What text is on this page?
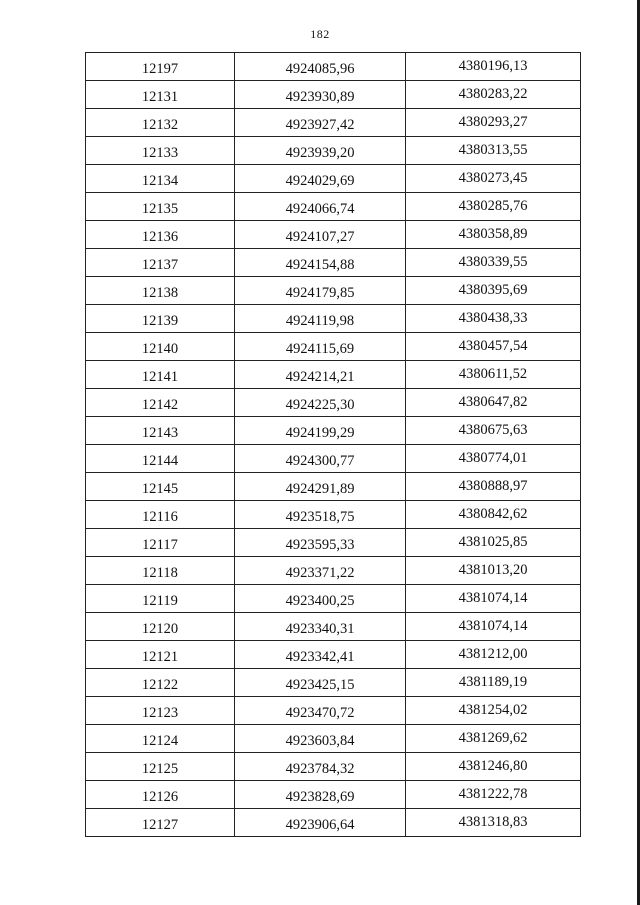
182
12197	4924085,96	4380196,13
12131	4923930,89	4380283,22
12132	4923927,42	4380293,27
12133	4923939,20	4380313,55
12134	4924029,69	4380273,45
12135	4924066,74	4380285,76
12136	4924107,27	4380358,89
12137	4924154,88	4380339,55
12138	4924179,85	4380395,69
12139	4924119,98	4380438,33
12140	4924115,69	4380457,54
12141	4924214,21	4380611,52
12142	4924225,30	4380647,82
12143	4924199,29	4380675,63
12144	4924300,77	4380774,01
12145	4924291,89	4380888,97
12116	4923518,75	4380842,62
12117	4923595,33	4381025,85
12118	4923371,22	4381013,20
12119	4923400,25	4381074,14
12120	4923340,31	4381074,14
12121	4923342,41	4381212,00
12122	4923425,15	4381189,19
12123	4923470,72	4381254,02
12124	4923603,84	4381269,62
12125	4923784,32	4381246,80
12126	4923828,69	4381222,78
12127	4923906,64	4381318,83
